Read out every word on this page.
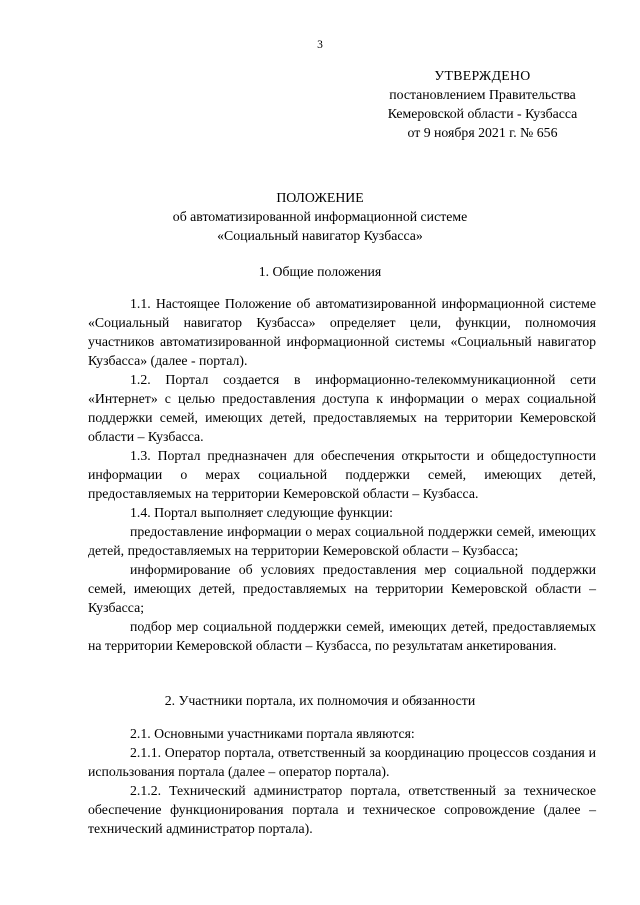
3
УТВЕРЖДЕНО
постановлением Правительства
Кемеровской области - Кузбасса
от 9 ноября 2021 г. № 656
ПОЛОЖЕНИЕ
об автоматизированной информационной системе
«Социальный навигатор Кузбасса»
1. Общие положения

1.1. Настоящее Положение об автоматизированной информационной системе «Социальный навигатор Кузбасса» определяет цели, функции, полномочия участников автоматизированной информационной системы «Социальный навигатор Кузбасса» (далее - портал).

1.2. Портал создается в информационно-телекоммуникационной сети «Интернет» с целью предоставления доступа к информации о мерах социальной поддержки семей, имеющих детей, предоставляемых на территории Кемеровской области – Кузбасса.

1.3. Портал предназначен для обеспечения открытости и общедоступности информации о мерах социальной поддержки семей, имеющих детей, предоставляемых на территории Кемеровской области – Кузбасса.

1.4. Портал выполняет следующие функции:

предоставление информации о мерах социальной поддержки семей, имеющих детей, предоставляемых на территории Кемеровской области – Кузбасса;

информирование об условиях предоставления мер социальной поддержки семей, имеющих детей, предоставляемых на территории Кемеровской области – Кузбасса;

подбор мер социальной поддержки семей, имеющих детей, предоставляемых на территории Кемеровской области – Кузбасса, по результатам анкетирования.

2. Участники портала, их полномочия и обязанности

2.1. Основными участниками портала являются:

2.1.1. Оператор портала, ответственный за координацию процессов создания и использования портала (далее – оператор портала).

2.1.2. Технический администратор портала, ответственный за техническое обеспечение функционирования портала и техническое сопровождение (далее – технический администратор портала).
